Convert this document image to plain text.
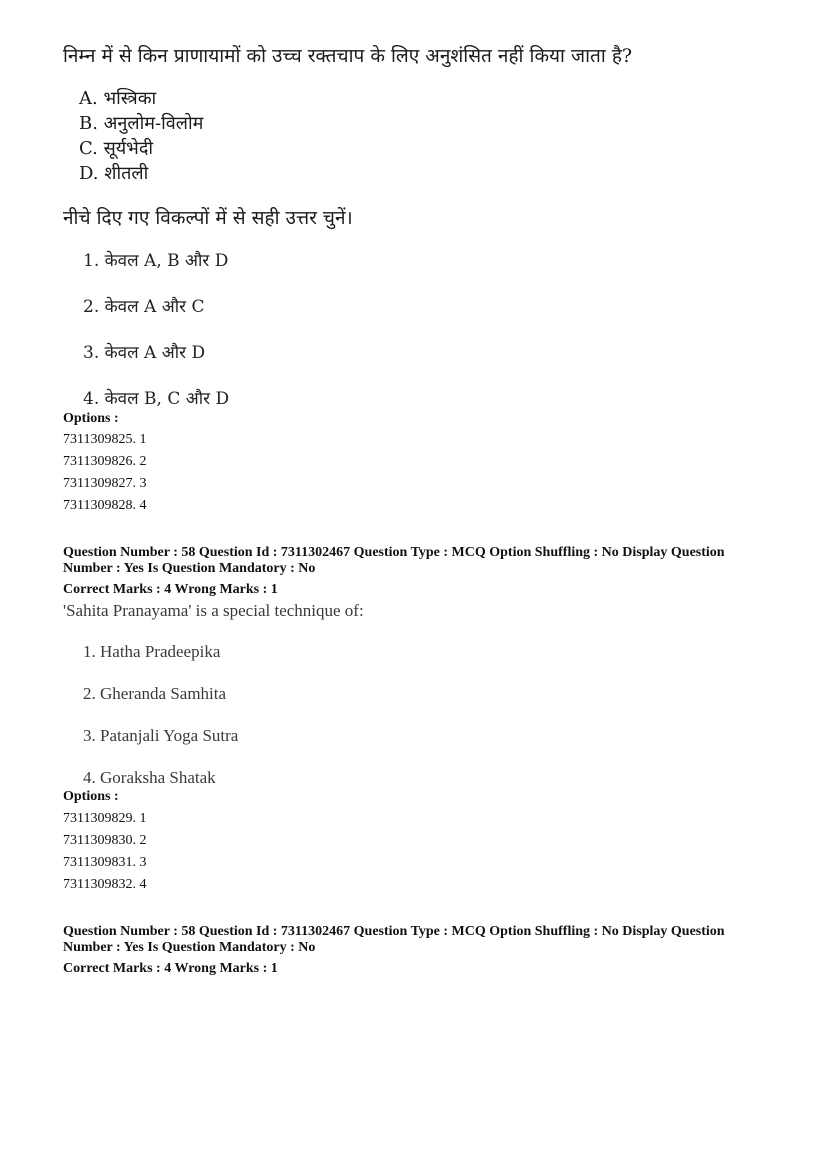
निम्न में से किन प्राणायामों को उच्च रक्तचाप के लिए अनुशंसित नहीं किया जाता है?
A. भस्त्रिका
B. अनुलोम-विलोम
C. सूर्यभेदी
D. शीतली
नीचे दिए गए विकल्पों में से सही उत्तर चुनें।
1. केवल A, B और D
2. केवल A और C
3. केवल A और D
4. केवल B, C और D
Options :
7311309825. 1
7311309826. 2
7311309827. 3
7311309828. 4
Question Number : 58 Question Id : 7311302467 Question Type : MCQ Option Shuffling : No Display Question
Number : Yes Is Question Mandatory : No
Correct Marks : 4 Wrong Marks : 1
'Sahita Pranayama' is a special technique of:
1. Hatha Pradeepika
2. Gheranda Samhita
3. Patanjali Yoga Sutra
4. Goraksha Shatak
Options :
7311309829. 1
7311309830. 2
7311309831. 3
7311309832. 4
Question Number : 58 Question Id : 7311302467 Question Type : MCQ Option Shuffling : No Display Question
Number : Yes Is Question Mandatory : No
Correct Marks : 4 Wrong Marks : 1
